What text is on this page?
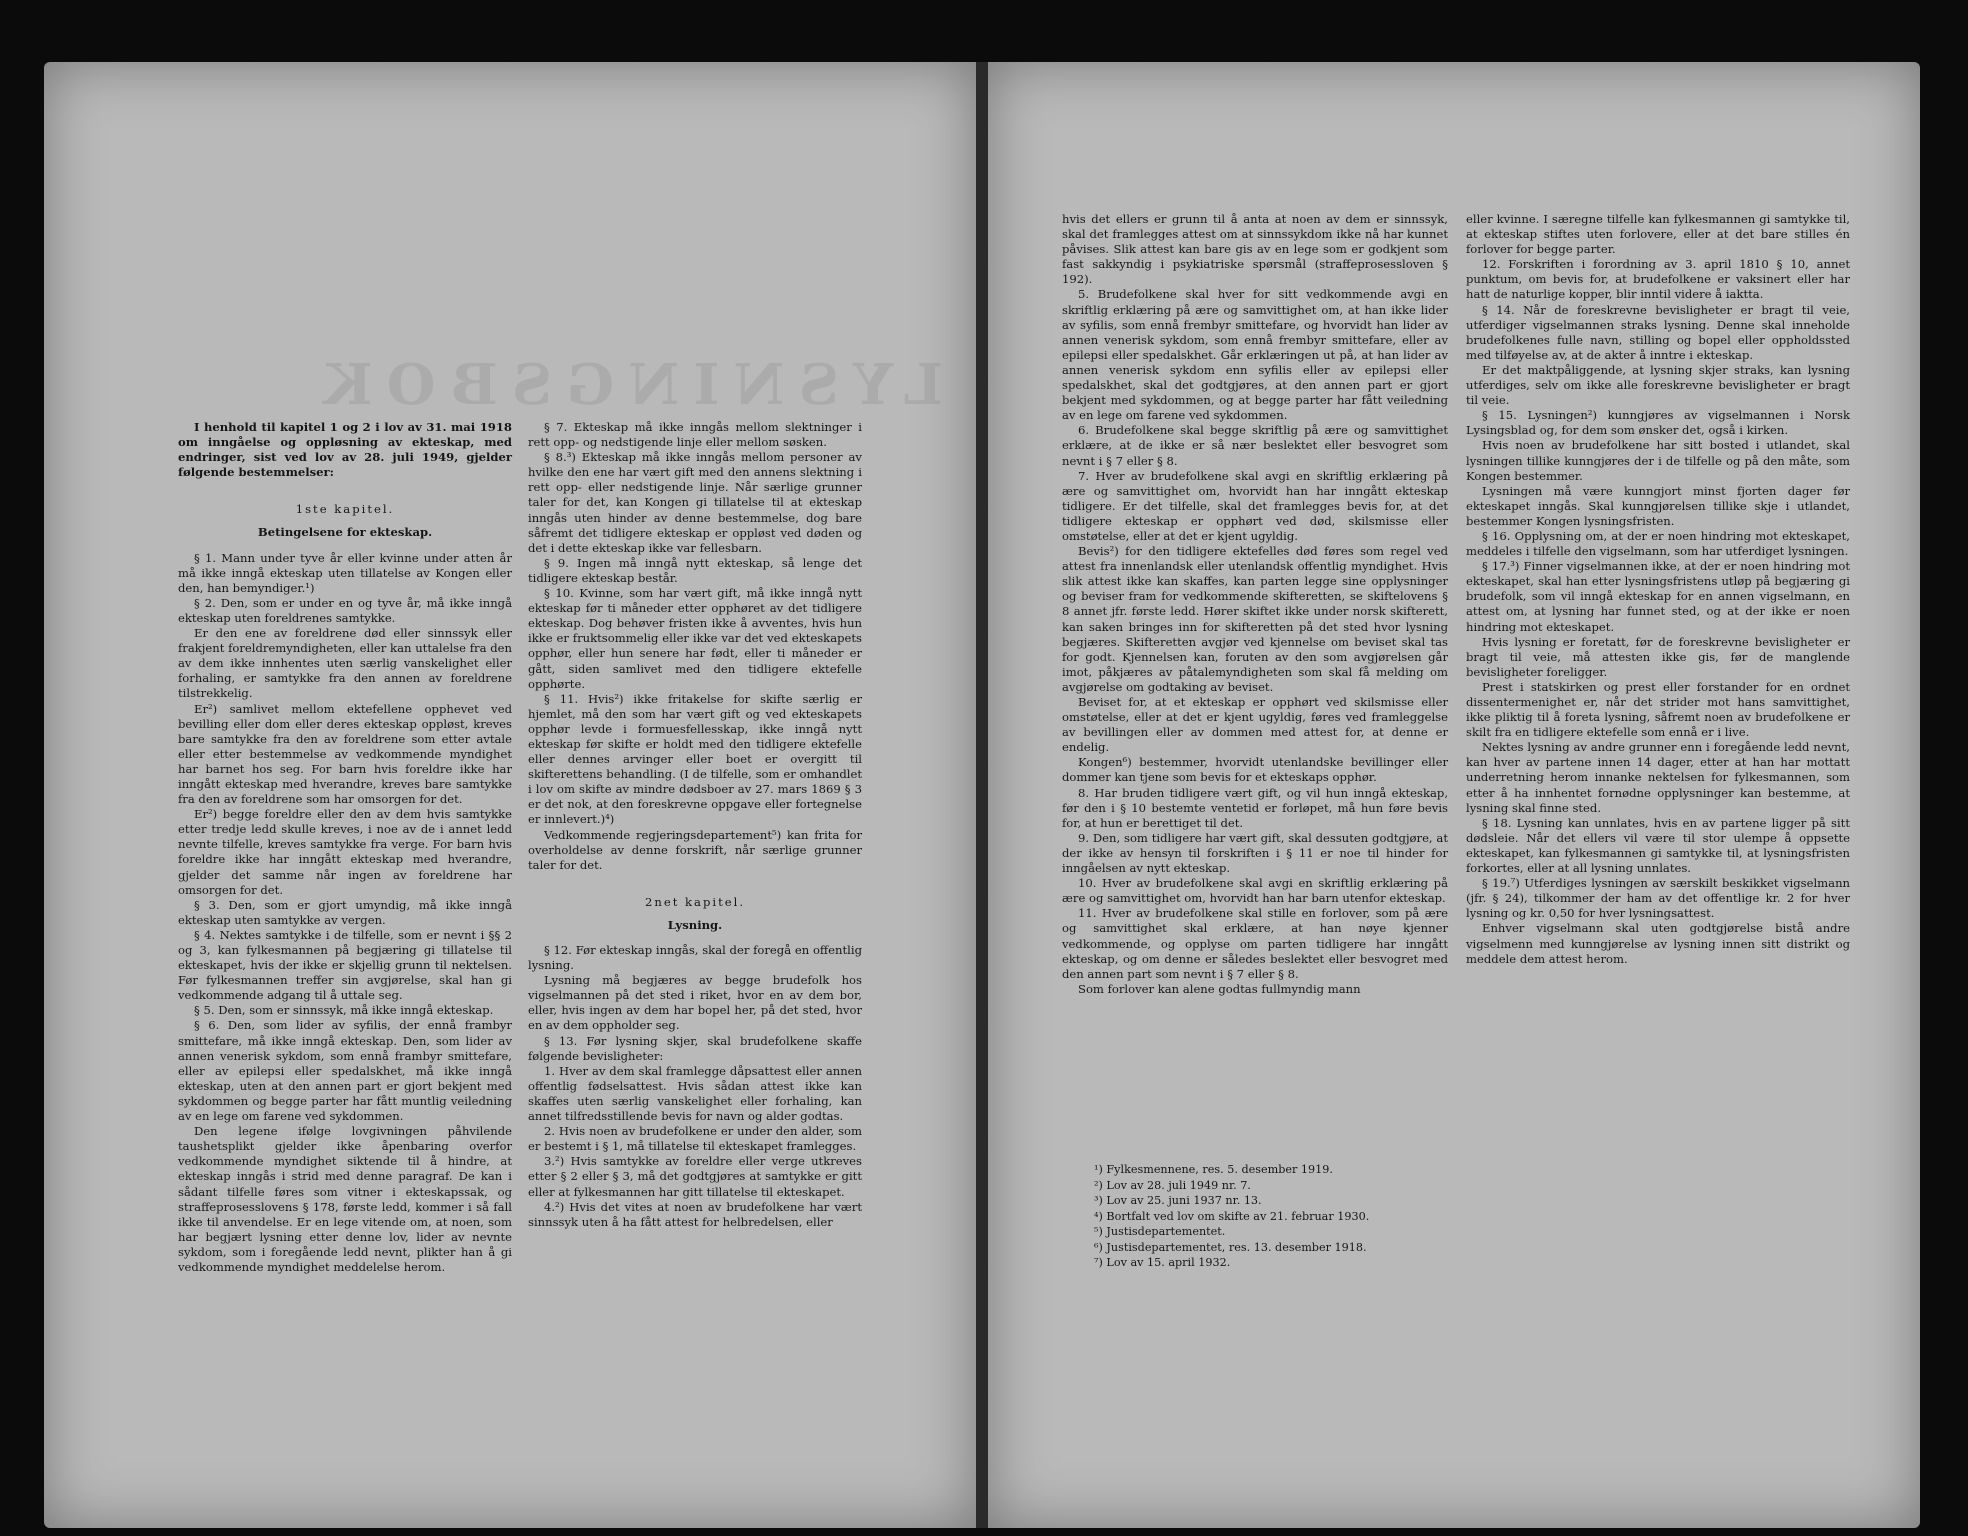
I henhold til kapitel 1 og 2 i lov av 31. mai 1918 om inngåelse og oppløsning av ekteskap, med endringer, sist ved lov av 28. juli 1949, gjelder følgende bestemmelser:

1ste kapitel.

Betingelsene for ekteskap.

§ 1. Mann under tyve år eller kvinne under atten år må ikke inngå ekteskap uten tillatelse av Kongen eller den, han bemyndiger.¹)

§ 2. Den, som er under en og tyve år, må ikke inngå ekteskap uten foreldrenes samtykke.

Er den ene av foreldrene død eller sinnssyk eller frakjent foreldremyndigheten, eller kan uttalelse fra den av dem ikke innhentes uten særlig vanskelighet eller forhaling, er samtykke fra den annen av foreldrene tilstrekkelig.

Er²) samlivet mellom ektefellene opphevet ved bevilling eller dom eller deres ekteskap oppløst, kreves bare samtykke fra den av foreldrene som etter avtale eller etter bestemmelse av vedkommende myndighet har barnet hos seg. For barn hvis foreldre ikke har inngått ekteskap med hverandre, kreves bare samtykke fra den av foreldrene som har omsorgen for det.

Er²) begge foreldre eller den av dem hvis samtykke etter tredje ledd skulle kreves, i noe av de i annet ledd nevnte tilfelle, kreves samtykke fra verge. For barn hvis foreldre ikke har inngått ekteskap med hverandre, gjelder det samme når ingen av foreldrene har omsorgen for det.

§ 3. Den, som er gjort umyndig, må ikke inngå ekteskap uten samtykke av vergen.

§ 4. Nektes samtykke i de tilfelle, som er nevnt i §§ 2 og 3, kan fylkesmannen på begjæring gi tillatelse til ekteskapet, hvis der ikke er skjellig grunn til nektelsen. Før fylkesmannen treffer sin avgjørelse, skal han gi vedkommende adgang til å uttale seg.

§ 5. Den, som er sinnssyk, må ikke inngå ekteskap.

§ 6. Den, som lider av syfilis, der ennå frambyr smittefare, må ikke inngå ekteskap. Den, som lider av annen venerisk sykdom, som ennå frambyr smittefare, eller av epilepsi eller spedalskhet, må ikke inngå ekteskap, uten at den annen part er gjort bekjent med sykdommen og begge parter har fått muntlig veiledning av en lege om farene ved sykdommen.

Den legene ifølge lovgivningen påhvilende taushetsplikt gjelder ikke åpenbaring overfor vedkommende myndighet siktende til å hindre, at ekteskap inngås i strid med denne paragraf. De kan i sådant tilfelle føres som vitner i ekteskapssak, og straffeprosesslovens § 178, første ledd, kommer i så fall ikke til anvendelse. Er en lege vitende om, at noen, som har begjært lysning etter denne lov, lider av nevnte sykdom, som i foregående ledd nevnt, plikter han å gi vedkommende myndighet meddelelse herom.

§ 7. Ekteskap må ikke inngås mellom slektninger i rett opp- og nedstigende linje eller mellom søsken.

§ 8.³) Ekteskap må ikke inngås mellom personer av hvilke den ene har vært gift med den annens slektning i rett opp- eller nedstigende linje. Når særlige grunner taler for det, kan Kongen gi tillatelse til at ekteskap inngås uten hinder av denne bestemmelse, dog bare såfremt det tidligere ekteskap er oppløst ved døden og det i dette ekteskap ikke var fellesbarn.

§ 9. Ingen må inngå nytt ekteskap, så lenge det tidligere ekteskap består.

§ 10. Kvinne, som har vært gift, må ikke inngå nytt ekteskap før ti måneder etter opphøret av det tidligere ekteskap. Dog behøver fristen ikke å avventes, hvis hun ikke er fruktsommelig eller ikke var det ved ekteskapets opphør, eller hun senere har født, eller ti måneder er gått, siden samlivet med den tidligere ektefelle opphørte.

§ 11. Hvis²) ikke fritakelse for skifte særlig er hjemlet, må den som har vært gift og ved ekteskapets opphør levde i formuesfellesskap, ikke inngå nytt ekteskap før skifte er holdt med den tidligere ektefelle eller dennes arvinger eller boet er overgitt til skifterettens behandling. (I de tilfelle, som er omhandlet i lov om skifte av mindre dødsboer av 27. mars 1869 § 3 er det nok, at den foreskrevne oppgave eller fortegnelse er innlevert.)⁴)

Vedkommende regjeringsdepartement⁵) kan frita for overholdelse av denne forskrift, når særlige grunner taler for det.

2net kapitel.

Lysning.

§ 12. Før ekteskap inngås, skal der foregå en offentlig lysning.

Lysning må begjæres av begge brudefolk hos vigselmannen på det sted i riket, hvor en av dem bor, eller, hvis ingen av dem har bopel her, på det sted, hvor en av dem oppholder seg.

§ 13. Før lysning skjer, skal brudefolkene skaffe følgende bevisligheter:

1. Hver av dem skal framlegge dåpsattest eller annen offentlig fødselsattest. Hvis sådan attest ikke kan skaffes uten særlig vanskelighet eller forhaling, kan annet tilfredsstillende bevis for navn og alder godtas.

2. Hvis noen av brudefolkene er under den alder, som er bestemt i § 1, må tillatelse til ekteskapet framlegges.

3.²) Hvis samtykke av foreldre eller verge utkreves etter § 2 eller § 3, må det godtgjøres at samtykke er gitt eller at fylkesmannen har gitt tillatelse til ekteskapet.

4.²) Hvis det vites at noen av brudefolkene har vært sinnssyk uten å ha fått attest for helbredelsen, eller

hvis det ellers er grunn til å anta at noen av dem er sinnssyk, skal det framlegges attest om at sinnssykdom ikke nå har kunnet påvises. Slik attest kan bare gis av en lege som er godkjent som fast sakkyndig i psykiatriske spørsmål (straffeprosessloven § 192).

5. Brudefolkene skal hver for sitt vedkommende avgi en skriftlig erklæring på ære og samvittighet om, at han ikke lider av syfilis, som ennå frembyr smittefare, og hvorvidt han lider av annen venerisk sykdom, som ennå frembyr smittefare, eller av epilepsi eller spedalskhet. Går erklæringen ut på, at han lider av annen venerisk sykdom enn syfilis eller av epilepsi eller spedalskhet, skal det godtgjøres, at den annen part er gjort bekjent med sykdommen, og at begge parter har fått veiledning av en lege om farene ved sykdommen.

6. Brudefolkene skal begge skriftlig på ære og samvittighet erklære, at de ikke er så nær beslektet eller besvogret som nevnt i § 7 eller § 8.

7. Hver av brudefolkene skal avgi en skriftlig erklæring på ære og samvittighet om, hvorvidt han har inngått ekteskap tidligere. Er det tilfelle, skal det framlegges bevis for, at det tidligere ekteskap er opphørt ved død, skilsmisse eller omstøtelse, eller at det er kjent ugyldig.

Bevis²) for den tidligere ektefelles død føres som regel ved attest fra innenlandsk eller utenlandsk offentlig myndighet. Hvis slik attest ikke kan skaffes, kan parten legge sine opplysninger og beviser fram for vedkommende skifteretten, se skiftelovens § 8 annet jfr. første ledd. Hører skiftet ikke under norsk skifterett, kan saken bringes inn for skifteretten på det sted hvor lysning begjæres. Skifteretten avgjør ved kjennelse om beviset skal tas for godt. Kjennelsen kan, foruten av den som avgjørelsen går imot, påkjæres av påtalemyndigheten som skal få melding om avgjørelse om godtaking av beviset.

Beviset for, at et ekteskap er opphørt ved skilsmisse eller omstøtelse, eller at det er kjent ugyldig, føres ved framleggelse av bevillingen eller av dommen med attest for, at denne er endelig.

Kongen⁶) bestemmer, hvorvidt utenlandske bevillinger eller dommer kan tjene som bevis for et ekteskaps opphør.

8. Har bruden tidligere vært gift, og vil hun inngå ekteskap, før den i § 10 bestemte ventetid er forløpet, må hun føre bevis for, at hun er berettiget til det.

9. Den, som tidligere har vært gift, skal dessuten godtgjøre, at der ikke av hensyn til forskriften i § 11 er noe til hinder for inngåelsen av nytt ekteskap.

10. Hver av brudefolkene skal avgi en skriftlig erklæring på ære og samvittighet om, hvorvidt han har barn utenfor ekteskap.

11. Hver av brudefolkene skal stille en forlover, som på ære og samvittighet skal erklære, at han nøye kjenner vedkommende, og opplyse om parten tidligere har inngått ekteskap, og om denne er således beslektet eller besvogret med den annen part som nevnt i § 7 eller § 8.

Som forlover kan alene godtas fullmyndig mann

eller kvinne. I særegne tilfelle kan fylkesmannen gi samtykke til, at ekteskap stiftes uten forlovere, eller at det bare stilles én forlover for begge parter.

12. Forskriften i forordning av 3. april 1810 § 10, annet punktum, om bevis for, at brudefolkene er vaksinert eller har hatt de naturlige kopper, blir inntil videre å iaktta.

§ 14. Når de foreskrevne bevisligheter er bragt til veie, utferdiger vigselmannen straks lysning. Denne skal inneholde brudefolkenes fulle navn, stilling og bopel eller oppholdssted med tilføyelse av, at de akter å inntre i ekteskap.

Er det maktpåliggende, at lysning skjer straks, kan lysning utferdiges, selv om ikke alle foreskrevne bevisligheter er bragt til veie.

§ 15. Lysningen²) kunngjøres av vigselmannen i Norsk Lysingsblad og, for dem som ønsker det, også i kirken.

Hvis noen av brudefolkene har sitt bosted i utlandet, skal lysningen tillike kunngjøres der i de tilfelle og på den måte, som Kongen bestemmer.

Lysningen må være kunngjort minst fjorten dager før ekteskapet inngås. Skal kunngjørelsen tillike skje i utlandet, bestemmer Kongen lysningsfristen.

§ 16. Opplysning om, at der er noen hindring mot ekteskapet, meddeles i tilfelle den vigselmann, som har utferdiget lysningen.

§ 17.³) Finner vigselmannen ikke, at der er noen hindring mot ekteskapet, skal han etter lysningsfristens utløp på begjæring gi brudefolk, som vil inngå ekteskap for en annen vigselmann, en attest om, at lysning har funnet sted, og at der ikke er noen hindring mot ekteskapet.

Hvis lysning er foretatt, før de foreskrevne bevisligheter er bragt til veie, må attesten ikke gis, før de manglende bevisligheter foreligger.

Prest i statskirken og prest eller forstander for en ordnet dissentermenighet er, når det strider mot hans samvittighet, ikke pliktig til å foreta lysning, såfremt noen av brudefolkene er skilt fra en tidligere ektefelle som ennå er i live.

Nektes lysning av andre grunner enn i foregående ledd nevnt, kan hver av partene innen 14 dager, etter at han har mottatt underretning herom innanke nektelsen for fylkesmannen, som etter å ha innhentet fornødne opplysninger kan bestemme, at lysning skal finne sted.

§ 18. Lysning kan unnlates, hvis en av partene ligger på sitt dødsleie. Når det ellers vil være til stor ulempe å oppsette ekteskapet, kan fylkesmannen gi samtykke til, at lysningsfristen forkortes, eller at all lysning unnlates.

§ 19.⁷) Utferdiges lysningen av særskilt beskikket vigselmann (jfr. § 24), tilkommer der ham av det offentlige kr. 2 for hver lysning og kr. 0,50 for hver lysningsattest.

Enhver vigselmann skal uten godtgjørelse bistå andre vigselmenn med kunngjørelse av lysning innen sitt distrikt og meddele dem attest herom.

¹) Fylkesmennene, res. 5. desember 1919.
²) Lov av 28. juli 1949 nr. 7.
³) Lov av 25. juni 1937 nr. 13.
⁴) Bortfalt ved lov om skifte av 21. februar 1930.
⁵) Justisdepartementet.
⁶) Justisdepartementet, res. 13. desember 1918.
⁷) Lov av 15. april 1932.
